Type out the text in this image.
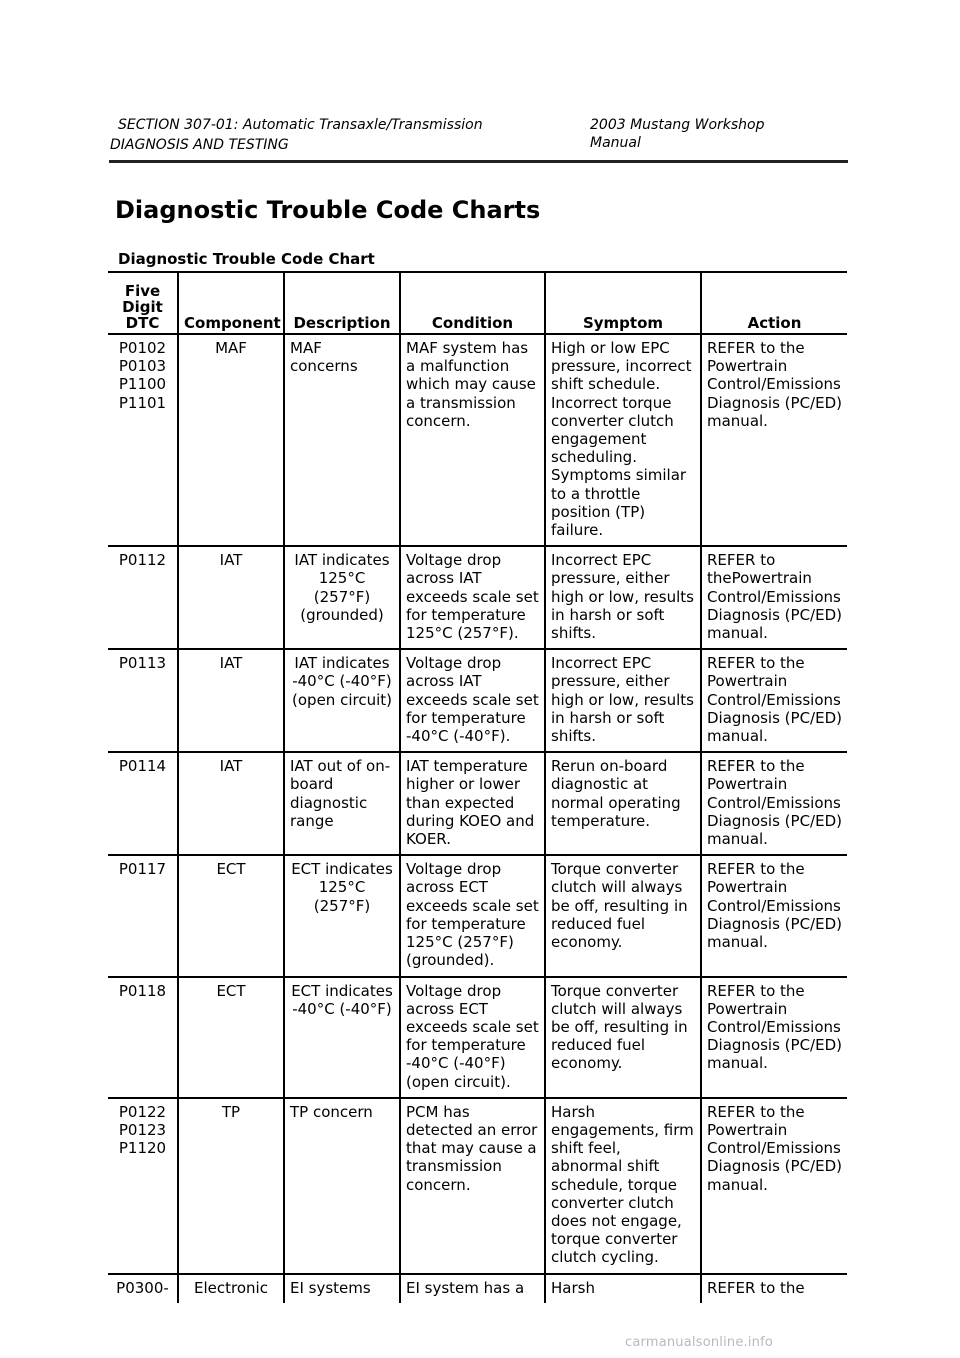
SECTION 307-01: Automatic Transaxle/Transmission	2003 Mustang Workshop Manual
DIAGNOSIS AND TESTING
Diagnostic Trouble Code Charts
Diagnostic Trouble Code Chart
Five
Digit
DTC	Component	Description	Condition	Symptom	Action

P0102
P0103
P1100
P1101	MAF	MAF concerns	MAF system has a malfunction which may cause a transmission concern.	High or low EPC pressure, incorrect shift schedule. Incorrect torque converter clutch engagement scheduling. Symptoms similar to a throttle position (TP) failure.	REFER to the Powertrain Control/Emissions Diagnosis (PC/ED) manual.

P0112	IAT	IAT indicates 125°C (257°F) (grounded)	Voltage drop across IAT exceeds scale set for temperature 125°C (257°F).	Incorrect EPC pressure, either high or low, results in harsh or soft shifts.	REFER to thePowertrain Control/Emissions Diagnosis (PC/ED) manual.

P0113	IAT	IAT indicates -40°C (-40°F) (open circuit)	Voltage drop across IAT exceeds scale set for temperature -40°C (-40°F).	Incorrect EPC pressure, either high or low, results in harsh or soft shifts.	REFER to the Powertrain Control/Emissions Diagnosis (PC/ED) manual.

P0114	IAT	IAT out of on-board diagnostic range	IAT temperature higher or lower than expected during KOEO and KOER.	Rerun on-board diagnostic at normal operating temperature.	REFER to the Powertrain Control/Emissions Diagnosis (PC/ED) manual.

P0117	ECT	ECT indicates 125°C (257°F)	Voltage drop across ECT exceeds scale set for temperature 125°C (257°F) (grounded).	Torque converter clutch will always be off, resulting in reduced fuel economy.	REFER to the Powertrain Control/Emissions Diagnosis (PC/ED) manual.

P0118	ECT	ECT indicates -40°C (-40°F)	Voltage drop across ECT exceeds scale set for temperature -40°C (-40°F) (open circuit).	Torque converter clutch will always be off, resulting in reduced fuel economy.	REFER to the Powertrain Control/Emissions Diagnosis (PC/ED) manual.

P0122
P0123
P1120	TP	TP concern	PCM has detected an error that may cause a transmission concern.	Harsh engagements, firm shift feel, abnormal shift schedule, torque converter clutch does not engage, torque converter clutch cycling.	REFER to the Powertrain Control/Emissions Diagnosis (PC/ED) manual.

P0300-	Electronic	EI systems	EI system has a	Harsh	REFER to the
carmanualsonline.info
